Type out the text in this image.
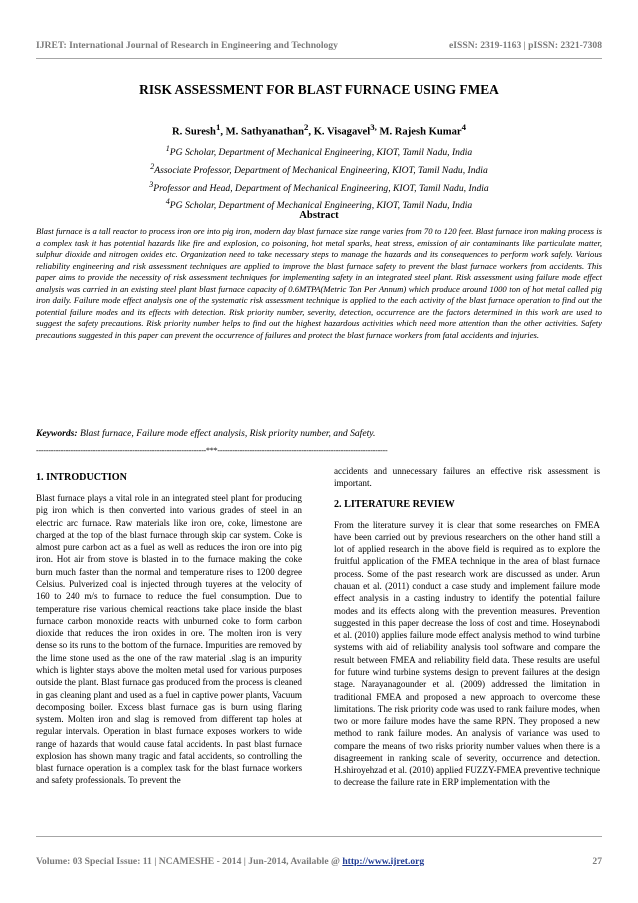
IJRET: International Journal of Research in Engineering and Technology	eISSN: 2319-1163 | pISSN: 2321-7308
RISK ASSESSMENT FOR BLAST FURNACE USING FMEA
R. Suresh$^1$, M. Sathyanathan$^2$, K. Visagavel$^{3,}$ M. Rajesh Kumar$^4$
$^1$PG Scholar, Department of Mechanical Engineering, KIOT, Tamil Nadu, India
$^2$Associate Professor, Department of Mechanical Engineering, KIOT, Tamil Nadu, India
$^3$Professor and Head, Department of Mechanical Engineering, KIOT, Tamil Nadu, India
$^4$PG Scholar, Department of Mechanical Engineering, KIOT, Tamil Nadu, India
Abstract
Blast furnace is a tall reactor to process iron ore into pig iron, modern day blast furnace size range varies from 70 to 120 feet. Blast furnace iron making process is a complex task it has potential hazards like fire and explosion, co poisoning, hot metal sparks, heat stress, emission of air contaminants like particulate matter, sulphur dioxide and nitrogen oxides etc. Organization need to take necessary steps to manage the hazards and its consequences to perform work safely. Various reliability engineering and risk assessment techniques are applied to improve the blast furnace safety to prevent the blast furnace workers from accidents. This paper aims to provide the necessity of risk assessment techniques for implementing safety in an integrated steel plant. Risk assessment using failure mode effect analysis was carried in an existing steel plant blast furnace capacity of 0.6MTPA(Metric Ton Per Annum) which produce around 1000 ton of hot metal called pig iron daily. Failure mode effect analysis one of the systematic risk assessment technique is applied to the each activity of the blast furnace operation to find out the potential failure modes and its effects with detection. Risk priority number, severity, detection, occurrence are the factors determined in this work are used to suggest the safety precautions. Risk priority number helps to find out the highest hazardous activities which need more attention than the other activities. Safety precautions suggested in this paper can prevent the occurrence of failures and protect the blast furnace workers from fatal accidents and injuries.
Keywords: Blast furnace, Failure mode effect analysis, Risk priority number, and Safety.
---------------------------------------------------------------------***---------------------------------------------------------------------
1. INTRODUCTION

Blast furnace plays a vital role in an integrated steel plant for producing pig iron which is then converted into various grades of steel in an electric arc furnace. Raw materials like iron ore, coke, limestone are charged at the top of the blast furnace through skip car system. Coke is almost pure carbon act as a fuel as well as reduces the iron ore into pig iron. Hot air from stove is blasted in to the furnace making the coke burn much faster than the normal and temperature rises to 1200 degree Celsius. Pulverized coal is injected through tuyeres at the velocity of 160 to 240 m/s to furnace to reduce the fuel consumption. Due to temperature rise various chemical reactions take place inside the blast furnace carbon monoxide reacts with unburned coke to form carbon dioxide that reduces the iron oxides in ore. The molten iron is very dense so its runs to the bottom of the furnace. Impurities are removed by the lime stone used as the one of the raw material .slag is an impurity which is lighter stays above the molten metal used for various purposes outside the plant. Blast furnace gas produced from the process is cleaned in gas cleaning plant and used as a fuel in captive power plants, Vacuum decomposing boiler. Excess blast furnace gas is burn using flaring system. Molten iron and slag is removed from different tap holes at regular intervals. Operation in blast furnace exposes workers to wide range of hazards that would cause fatal accidents. In past blast furnace explosion has shown many tragic and fatal accidents, so controlling the blast furnace operation is a complex task for the blast furnace workers and safety professionals. To prevent the

accidents and unnecessary failures an effective risk assessment is important.

2. LITERATURE REVIEW

From the literature survey it is clear that some researches on FMEA have been carried out by previous researchers on the other hand still a lot of applied research in the above field is required as to explore the fruitful application of the FMEA technique in the area of blast furnace process. Some of the past research work are discussed as under. Arun chauan et al. (2011) conduct a case study and implement failure mode effect analysis in a casting industry to identify the potential failure modes and its effects along with the prevention measures. Prevention suggested in this paper decrease the loss of cost and time. Hoseynabodi et al. (2010) applies failure mode effect analysis method to wind turbine systems with aid of reliability analysis tool software and compare the result between FMEA and reliability field data. These results are useful for future wind turbine systems design to prevent failures at the design stage. Narayanagounder et al. (2009) addressed the limitation in traditional FMEA and proposed a new approach to overcome these limitations. The risk priority code was used to rank failure modes, when two or more failure modes have the same RPN. They proposed a new method to rank failure modes. An analysis of variance was used to compare the means of two risks priority number values when there is a disagreement in ranking scale of severity, occurrence and detection. H.shiroyehzad et al. (2010) applied FUZZY-FMEA preventive technique to decrease the failure rate in ERP implementation with the

Volume: 03 Special Issue: 11 | NCAMESHE - 2014 | Jun-2014, Available @ http://www.ijret.org	27
